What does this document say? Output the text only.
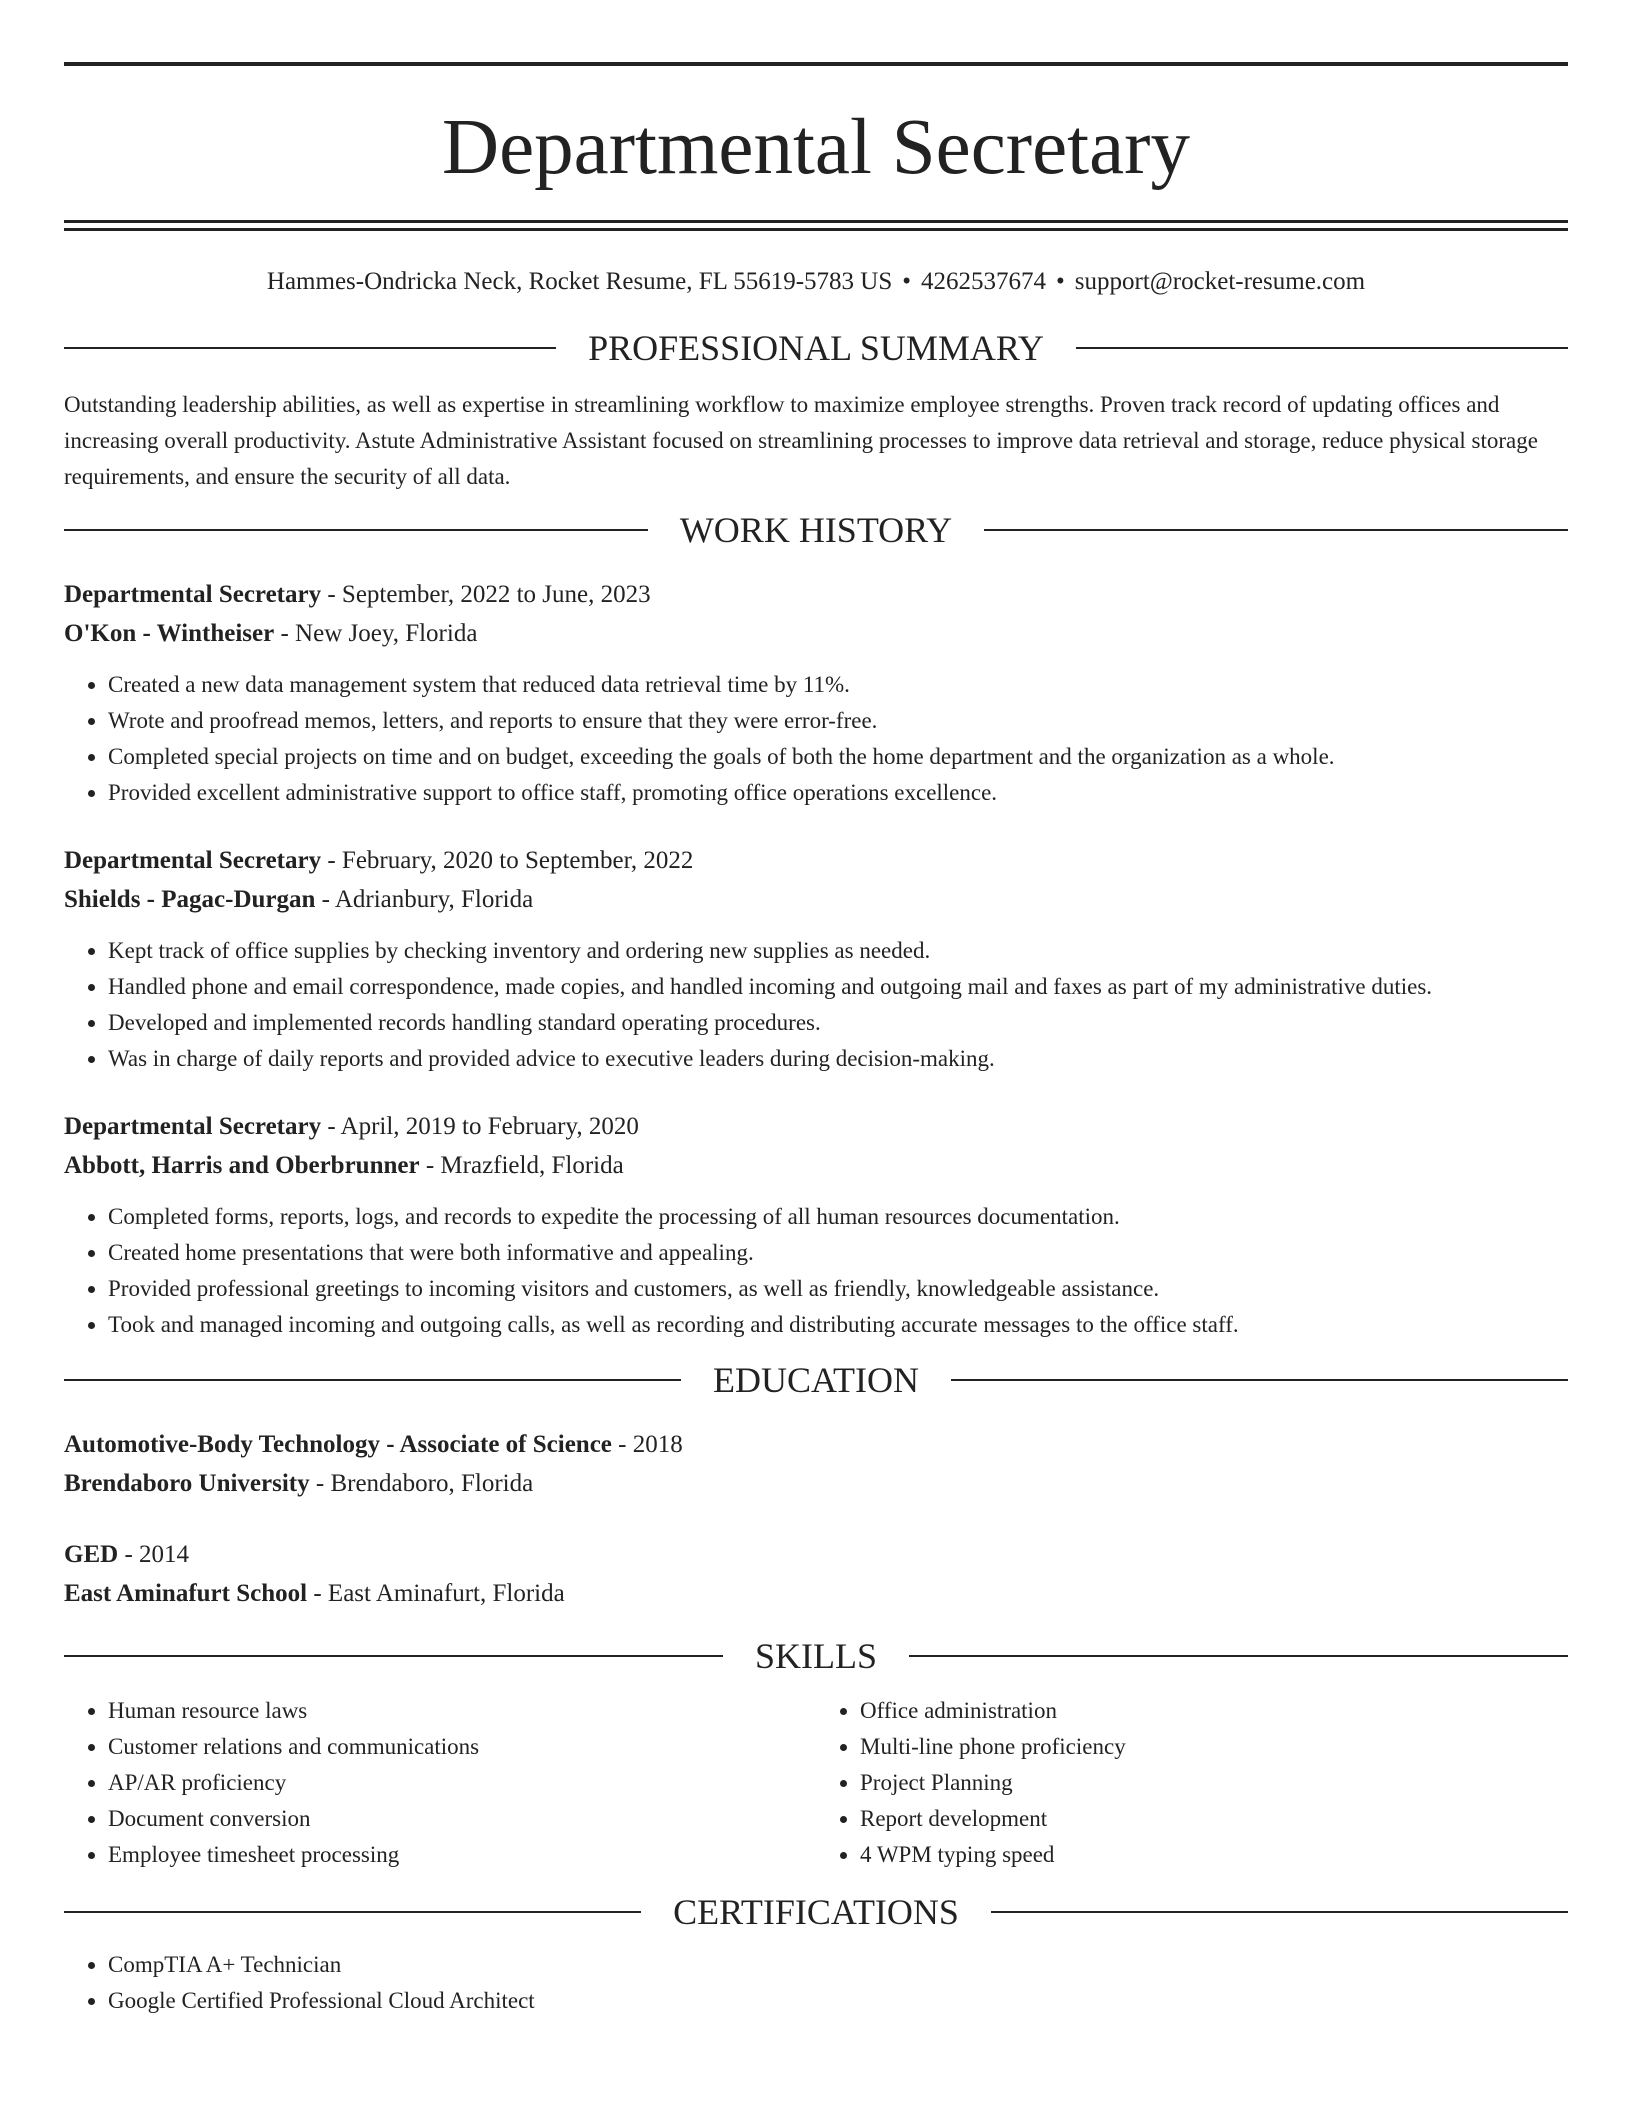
Departmental Secretary
Hammes-Ondricka Neck, Rocket Resume, FL 55619-5783 US • 4262537674 • support@rocket-resume.com
PROFESSIONAL SUMMARY

Outstanding leadership abilities, as well as expertise in streamlining workflow to maximize employee strengths. Proven track record of updating offices and increasing overall productivity. Astute Administrative Assistant focused on streamlining processes to improve data retrieval and storage, reduce physical storage requirements, and ensure the security of all data.

WORK HISTORY
Departmental Secretary - September, 2022 to June, 2023
O'Kon - Wintheiser - New Joey, Florida
• Created a new data management system that reduced data retrieval time by 11%.
• Wrote and proofread memos, letters, and reports to ensure that they were error-free.
• Completed special projects on time and on budget, exceeding the goals of both the home department and the organization as a whole.
• Provided excellent administrative support to office staff, promoting office operations excellence.
Departmental Secretary - February, 2020 to September, 2022
Shields - Pagac-Durgan - Adrianbury, Florida
• Kept track of office supplies by checking inventory and ordering new supplies as needed.
• Handled phone and email correspondence, made copies, and handled incoming and outgoing mail and faxes as part of my administrative duties.
• Developed and implemented records handling standard operating procedures.
• Was in charge of daily reports and provided advice to executive leaders during decision-making.
Departmental Secretary - April, 2019 to February, 2020
Abbott, Harris and Oberbrunner - Mrazfield, Florida
• Completed forms, reports, logs, and records to expedite the processing of all human resources documentation.
• Created home presentations that were both informative and appealing.
• Provided professional greetings to incoming visitors and customers, as well as friendly, knowledgeable assistance.
• Took and managed incoming and outgoing calls, as well as recording and distributing accurate messages to the office staff.
EDUCATION
Automotive-Body Technology - Associate of Science - 2018
Brendaboro University - Brendaboro, Florida
GED - 2014
East Aminafurt School - East Aminafurt, Florida
SKILLS
• Human resource laws
• Customer relations and communications
• AP/AR proficiency
• Document conversion
• Employee timesheet processing
• Office administration
• Multi-line phone proficiency
• Project Planning
• Report development
• 4 WPM typing speed
CERTIFICATIONS
• CompTIA A+ Technician
• Google Certified Professional Cloud Architect
